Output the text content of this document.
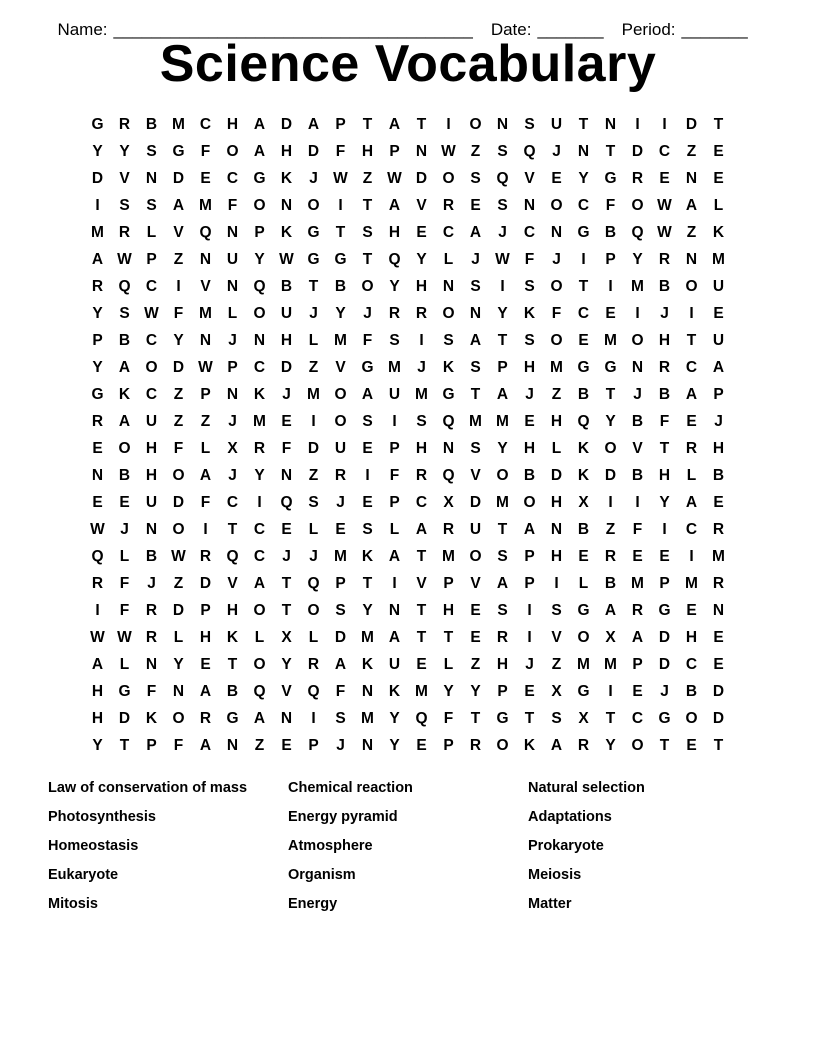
Name: ______________________________________ Date: _______ Period: _______

Science Vocabulary
G R	B M C	H	A	D	A	P	T	A	T	I	O N	S	U	T	N	I	I	D	T
Y	Y	S	G	F	O A	H	D	F	H	P	N W Z	S	Q	J	N	T	D	C	Z	E
D	V	N	D	E	C G K	J W Z W D O	S	Q	V	E	Y	G R	E	N	E
I	S	S	A M	F	O N O	I	T	A	V	R	E	S	N O C	F	O W A	L
M R	L	V	Q N	P	K G	T	S	H	E	C	A	J	C	N G B Q W Z	K
A W P	Z	N	U	Y W G G	T	Q	Y	L	J W F	J	I	P	Y	R	N M
R Q C	I	V	N Q B	T	B O	Y	H	N	S	I	S	O	T	I	M B O U
Y	S W F	M	L	O U	J	Y	J	R	R O N	Y	K	F	C	E	I	J	I	E
P	B	C	Y	N	J	N	H	L	M	F	S	I	S	A	T	S	O	E M O H	T	U
Y	A O D W P	C	D	Z	V	G M	J	K	S	P	H M G G N	R	C	A
G K	C	Z	P	N	K	J	M O A	U M G	T	A	J	Z	B	T	J	B	A	P
R	A	U	Z	Z	J	M E	I	O	S	I	S	Q M M E	H Q	Y	B	F	E	J
E	O H	F	L	X	R	F	D	U	E	P	H	N	S	Y	H	L	K O	V	T	R	H
N	B	H O A	J	Y	N	Z	R	I	F	R Q	V	O B	D	K	D	B	H	L	B
E	E	U	D	F	C	I	Q	S	J	E	P	C	X	D M O H	X	I	I	Y	A	E
W J	N O	I	T	C	E	L	E	S	L	A	R	U	T	A	N	B	Z	F	I	C	R
Q	L	B W R Q C	J	J	M K	A	T	M O	S	P	H	E	R	E	E	I	M
R	F	J	Z	D	V	A	T	Q	P	T	I	V	P	V	A	P	I	L	B M P M R
I	F	R	D	P	H O	T	O	S	Y	N	T	H	E	S	I	S	G A	R G	E	N
W W R	L	H	K	L	X	L	D M A	T	T	E	R	I	V	O	X	A	D	H	E
A	L	N	Y	E	T	O	Y	R	A	K	U	E	L	Z	H	J	Z	M M P	D	C	E
H G	F	N	A	B Q	V	Q	F	N	K M Y	Y	P	E	X	G	I	E	J	B	D
H	D	K O R G A	N	I	S M Y	Q	F	T	G	T	S	X	T	C G O D
Y	T	P	F	A	N	Z	E	P	J	N	Y	E	P	R O K	A	R	Y	O	T	E	T
Law of conservation of mass	Chemical reaction	Natural selection
Photosynthesis	Energy pyramid	Adaptations
Homeostasis	Atmosphere	Prokaryote
Eukaryote	Organism	Meiosis
Mitosis	Energy	Matter
